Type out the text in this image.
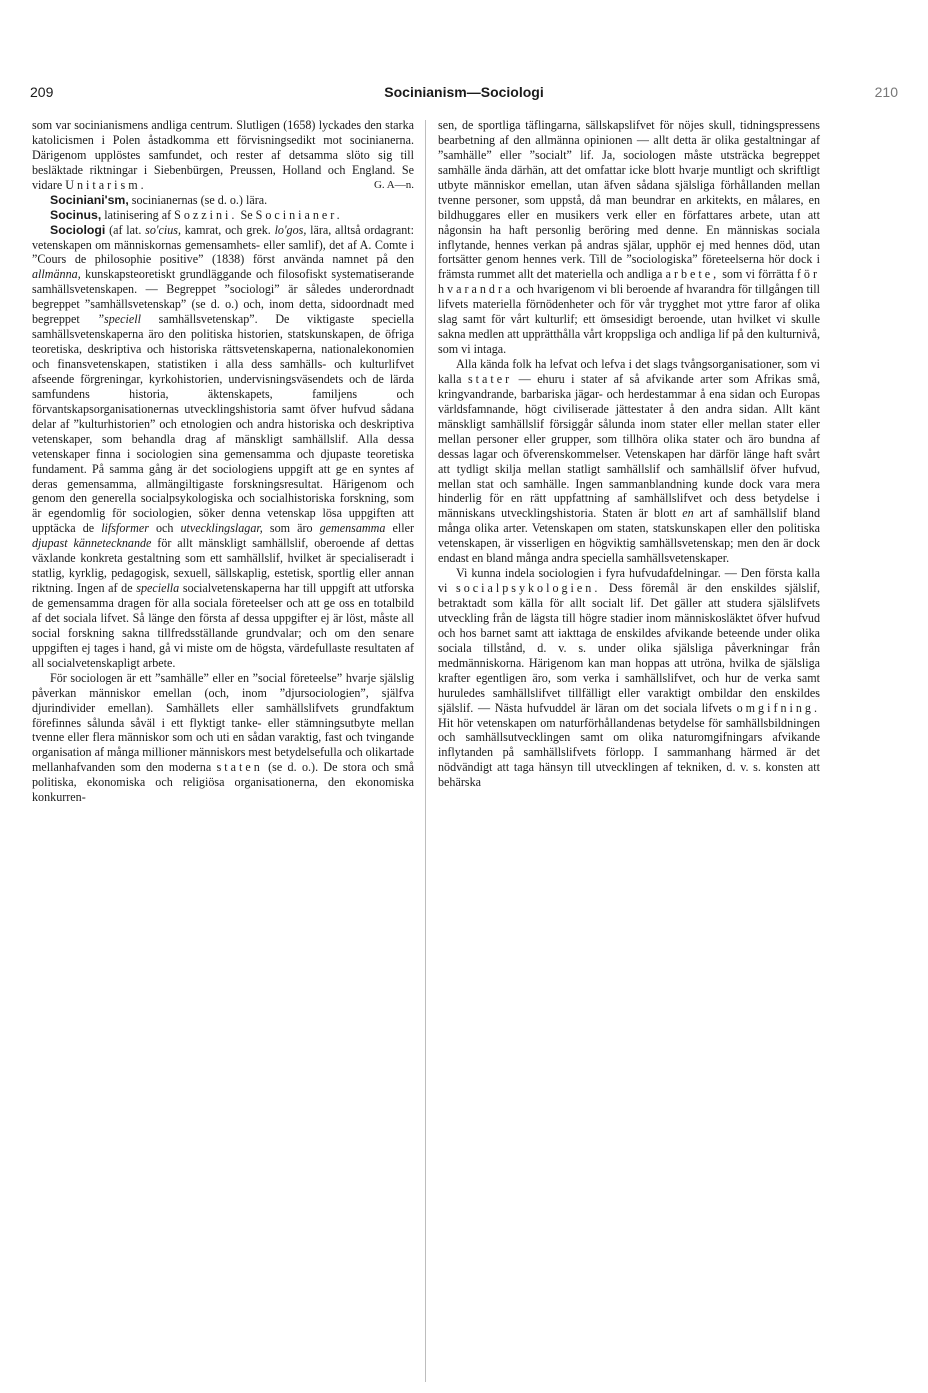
209	Socinianism—Sociologi	210

som var socinianismens andliga centrum. Slutligen (1658) lyckades den starka katolicismen i Polen åstadkomma ett förvisningsedikt mot socinianerna. Därigenom upplöstes samfundet, och rester af detsamma slöto sig till besläktade riktningar i Siebenbürgen, Preussen, Holland och England. Se vidare Unitarism.	G. A—n.

Sociniani'sm, socinianernas (se d. o.) lära.

Socinus, latinisering af Sozzini. Se Socinianer.

Sociologi (af lat. so'cius, kamrat, och grek. lo'gos, lära, alltså ordagrant: vetenskapen om människornas gemensamhets- eller samlif), det af A. Comte i ”Cours de philosophie positive” (1838) först använda namnet på den allmänna, kunskapsteoretiskt grundläggande och filosofiskt systematiserande samhällsvetenskapen. — Begreppet ”sociologi” är således underordnadt begreppet ”samhällsvetenskap” (se d. o.) och, inom detta, sidoordnadt med begreppet ”speciell samhällsvetenskap”. De viktigaste speciella samhällsvetenskaperna äro den politiska historien, statskunskapen, de öfriga teoretiska, deskriptiva och historiska rättsvetenskaperna, nationalekonomien och finansvetenskapen, statistiken i alla dess samhälls- och kulturlifvet afseende förgreningar, kyrkohistorien, undervisningsväsendets och de lärda samfundens historia, äktenskapets, familjens och förvantskapsorganisationernas utvecklingshistoria samt öfver hufvud sådana delar af ”kulturhistorien” och etnologien och andra historiska och deskriptiva vetenskaper, som behandla drag af mänskligt samhällslif. Alla dessa vetenskaper finna i sociologien sina gemensamma och djupaste teoretiska fundament. På samma gång är det sociologiens uppgift att ge en syntes af deras gemensamma, allmängiltigaste forskningsresultat. Härigenom och genom den generella socialpsykologiska och socialhistoriska forskning, som är egendomlig för sociologien, söker denna vetenskap lösa uppgiften att upptäcka de lifsformer och utvecklingslagar, som äro gemensamma eller djupast kännetecknande för allt mänskligt samhällslif, oberoende af dettas växlande konkreta gestaltning som ett samhällslif, hvilket är specialiseradt i statlig, kyrklig, pedagogisk, sexuell, sällskaplig, estetisk, sportlig eller annan riktning. Ingen af de speciella socialvetenskaperna har till uppgift att utforska de gemensamma dragen för alla sociala företeelser och att ge oss en totalbild af det sociala lifvet. Så länge den första af dessa uppgifter ej är löst, måste all social forskning sakna tillfredsställande grundvalar; och om den senare uppgiften ej tages i hand, gå vi miste om de högsta, värdefullaste resultaten af all socialvetenskapligt arbete.

För sociologen är ett ”samhälle” eller en ”social företeelse” hvarje själslig påverkan människor emellan (och, inom ”djursociologien”, själfva djurindivider emellan). Samhällets eller samhällslifvets grundfaktum förefinnes sålunda såväl i ett flyktigt tanke- eller stämningsutbyte mellan tvenne eller flera människor som och uti en sådan varaktig, fast och tvingande organisation af många millioner människors mest betydelsefulla och olikartade mellanhafvanden som den moderna staten (se d. o.). De stora och små politiska, ekonomiska och religiösa organisationerna, den ekonomiska konkurren-

sen, de sportliga täflingarna, sällskapslifvet för nöjes skull, tidningspressens bearbetning af den allmänna opinionen — allt detta är olika gestaltningar af ”samhälle” eller ”socialt” lif. Ja, sociologen måste utsträcka begreppet samhälle ända därhän, att det omfattar icke blott hvarje muntligt och skriftligt utbyte människor emellan, utan äfven sådana själsliga förhållanden mellan tvenne personer, som uppstå, då man beundrar en arkitekts, en målares, en bildhuggares eller en musikers verk eller en författares arbete, utan att någonsin ha haft personlig beröring med denne. En människas sociala inflytande, hennes verkan på andras själar, upphör ej med hennes död, utan fortsätter genom hennes verk. Till de ”sociologiska” företeelserna hör dock i främsta rummet allt det materiella och andliga arbete, som vi förrätta för hvarandra och hvarigenom vi bli beroende af hvarandra för tillgången till lifvets materiella förnödenheter och för vår trygghet mot yttre faror af olika slag samt för vårt kulturlif; ett ömsesidigt beroende, utan hvilket vi skulle sakna medlen att upprätthålla vårt kroppsliga och andliga lif på den kulturnivå, som vi intaga.

Alla kända folk ha lefvat och lefva i det slags tvångsorganisationer, som vi kalla stater — ehuru i stater af så afvikande arter som Afrikas små, kringvandrande, barbariska jägar- och herdestammar å ena sidan och Europas världsfamnande, högt civiliserade jättestater å den andra sidan. Allt känt mänskligt samhällslif försiggår sålunda inom stater eller mellan stater eller mellan personer eller grupper, som tillhöra olika stater och äro bundna af dessas lagar och öfverenskommelser. Vetenskapen har därför länge haft svårt att tydligt skilja mellan statligt samhällslif och samhällslif öfver hufvud, mellan stat och samhälle. Ingen sammanblandning kunde dock vara mera hinderlig för en rätt uppfattning af samhällslifvet och dess betydelse i människans utvecklingshistoria. Staten är blott en art af samhällslif bland många olika arter. Vetenskapen om staten, statskunskapen eller den politiska vetenskapen, är visserligen en högviktig samhällsvetenskap; men den är dock endast en bland många andra speciella samhällsvetenskaper.

Vi kunna indela sociologien i fyra hufvudafdelningar. — Den första kalla vi socialpsykologien. Dess föremål är den enskildes själslif, betraktadt som källa för allt socialt lif. Det gäller att studera själslifvets utveckling från de lägsta till högre stadier inom människosläktet öfver hufvud och hos barnet samt att iakttaga de enskildes afvikande beteende under olika sociala tillstånd, d. v. s. under olika själsliga påverkningar från medmänniskorna. Härigenom kan man hoppas att utröna, hvilka de själsliga krafter egentligen äro, som verka i samhällslifvet, och hur de verka samt huruledes samhällslifvet tillfälligt eller varaktigt ombildar den enskildes själslif. — Nästa hufvuddel är läran om det sociala lifvets omgifning. Hit hör vetenskapen om naturförhållandenas betydelse för samhällsbildningen och samhällsutvecklingen samt om olika naturomgifningars afvikande inflytanden på samhällslifvets förlopp. I sammanhang härmed är det nödvändigt att taga hänsyn till utvecklingen af tekniken, d. v. s. konsten att behärska
